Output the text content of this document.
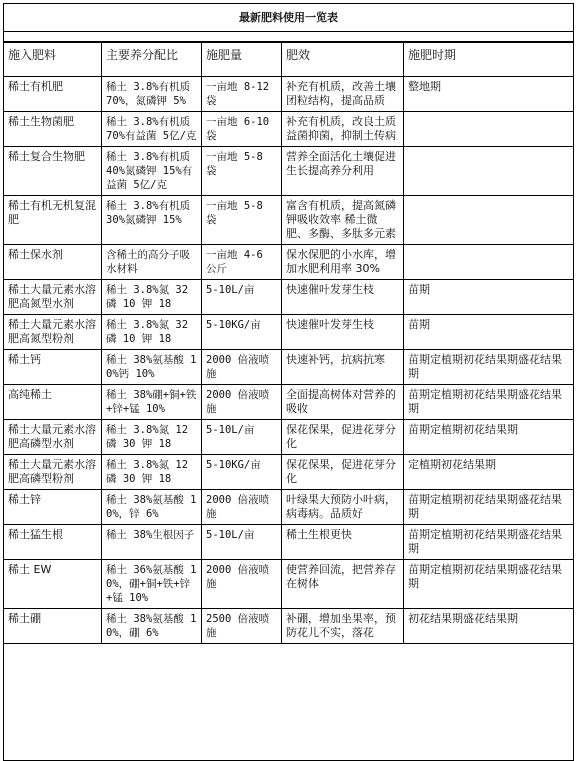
最新肥料使用一览表
施入肥料	主要养分配比	施肥量	肥效	施肥时期
稀土有机肥	稀土 3.8%有机质 70%，氮磷钾 5%	一亩地 8-12 袋	补充有机质，改善土壤团粒结构，提高品质	整地期
稀土生物菌肥	稀土 3.8%有机质 70%有益菌 5亿/克	一亩地 6-10 袋	补充有机质，改良土质益菌抑菌，抑制土传病	
稀土复合生物肥	稀土 3.8%有机质 40%氮磷钾 15%有益菌 5亿/克	一亩地 5-8 袋	营养全面活化土壤促进生长提高养分利用	
稀土有机无机复混肥	稀土 3.8%有机质 30%氮磷钾 15%	一亩地 5-8 袋	富含有机质，提高氮磷钾吸收效率 稀土微肥、多酶、多肽多元素	
稀土保水剂	含稀土的高分子吸水材料	一亩地 4-6 公斤	保水保肥的小水库，增加水肥利用率 30%	
稀土大量元素水溶肥高氮型水剂	稀土 3.8%氮 32 磷 10 钾 18	5-10L/亩	快速催叶发芽生枝	苗期
稀土大量元素水溶肥高氮型粉剂	稀土 3.8%氮 32 磷 10 钾 18	5-10KG/亩	快速催叶发芽生枝	苗期
稀土钙	稀土 38%氨基酸 10%钙 10%	2000 倍液喷施	快速补钙，抗病抗寒	苗期定植期初花结果期盛花结果期
高纯稀土	稀土 38%硼+铜+铁+锌+锰 10%	2000 倍液喷施	全面提高树体对营养的吸收	苗期定植期初花结果期盛花结果期
稀土大量元素水溶肥高磷型水剂	稀土 3.8%氮 12 磷 30 钾 18	5-10L/亩	保花保果，促进花芽分化	苗期定植期初花结果期
稀土大量元素水溶肥高磷型粉剂	稀土 3.8%氮 12 磷 30 钾 18	5-10KG/亩	保花保果，促进花芽分化	定植期初花结果期
稀土锌	稀土 38%氨基酸 10%，锌 6%	2000 倍液喷施	叶绿果大预防小叶病，病毒病。品质好	苗期定植期初花结果期盛花结果期
稀土猛生根	稀土 38%生根因子	5-10L/亩	稀土生根更快	苗期定植期初花结果期盛花结果期
稀土 EW	稀土 36%氨基酸 10%，硼+铜+铁+锌+锰 10%	2000 倍液喷施	使营养回流，把营养存在树体	苗期定植期初花结果期盛花结果期
稀土硼	稀土 38%氨基酸 10%，硼 6%	2500 倍液喷施	补硼，增加坐果率，预防花儿不实，落花	初花结果期盛花结果期
